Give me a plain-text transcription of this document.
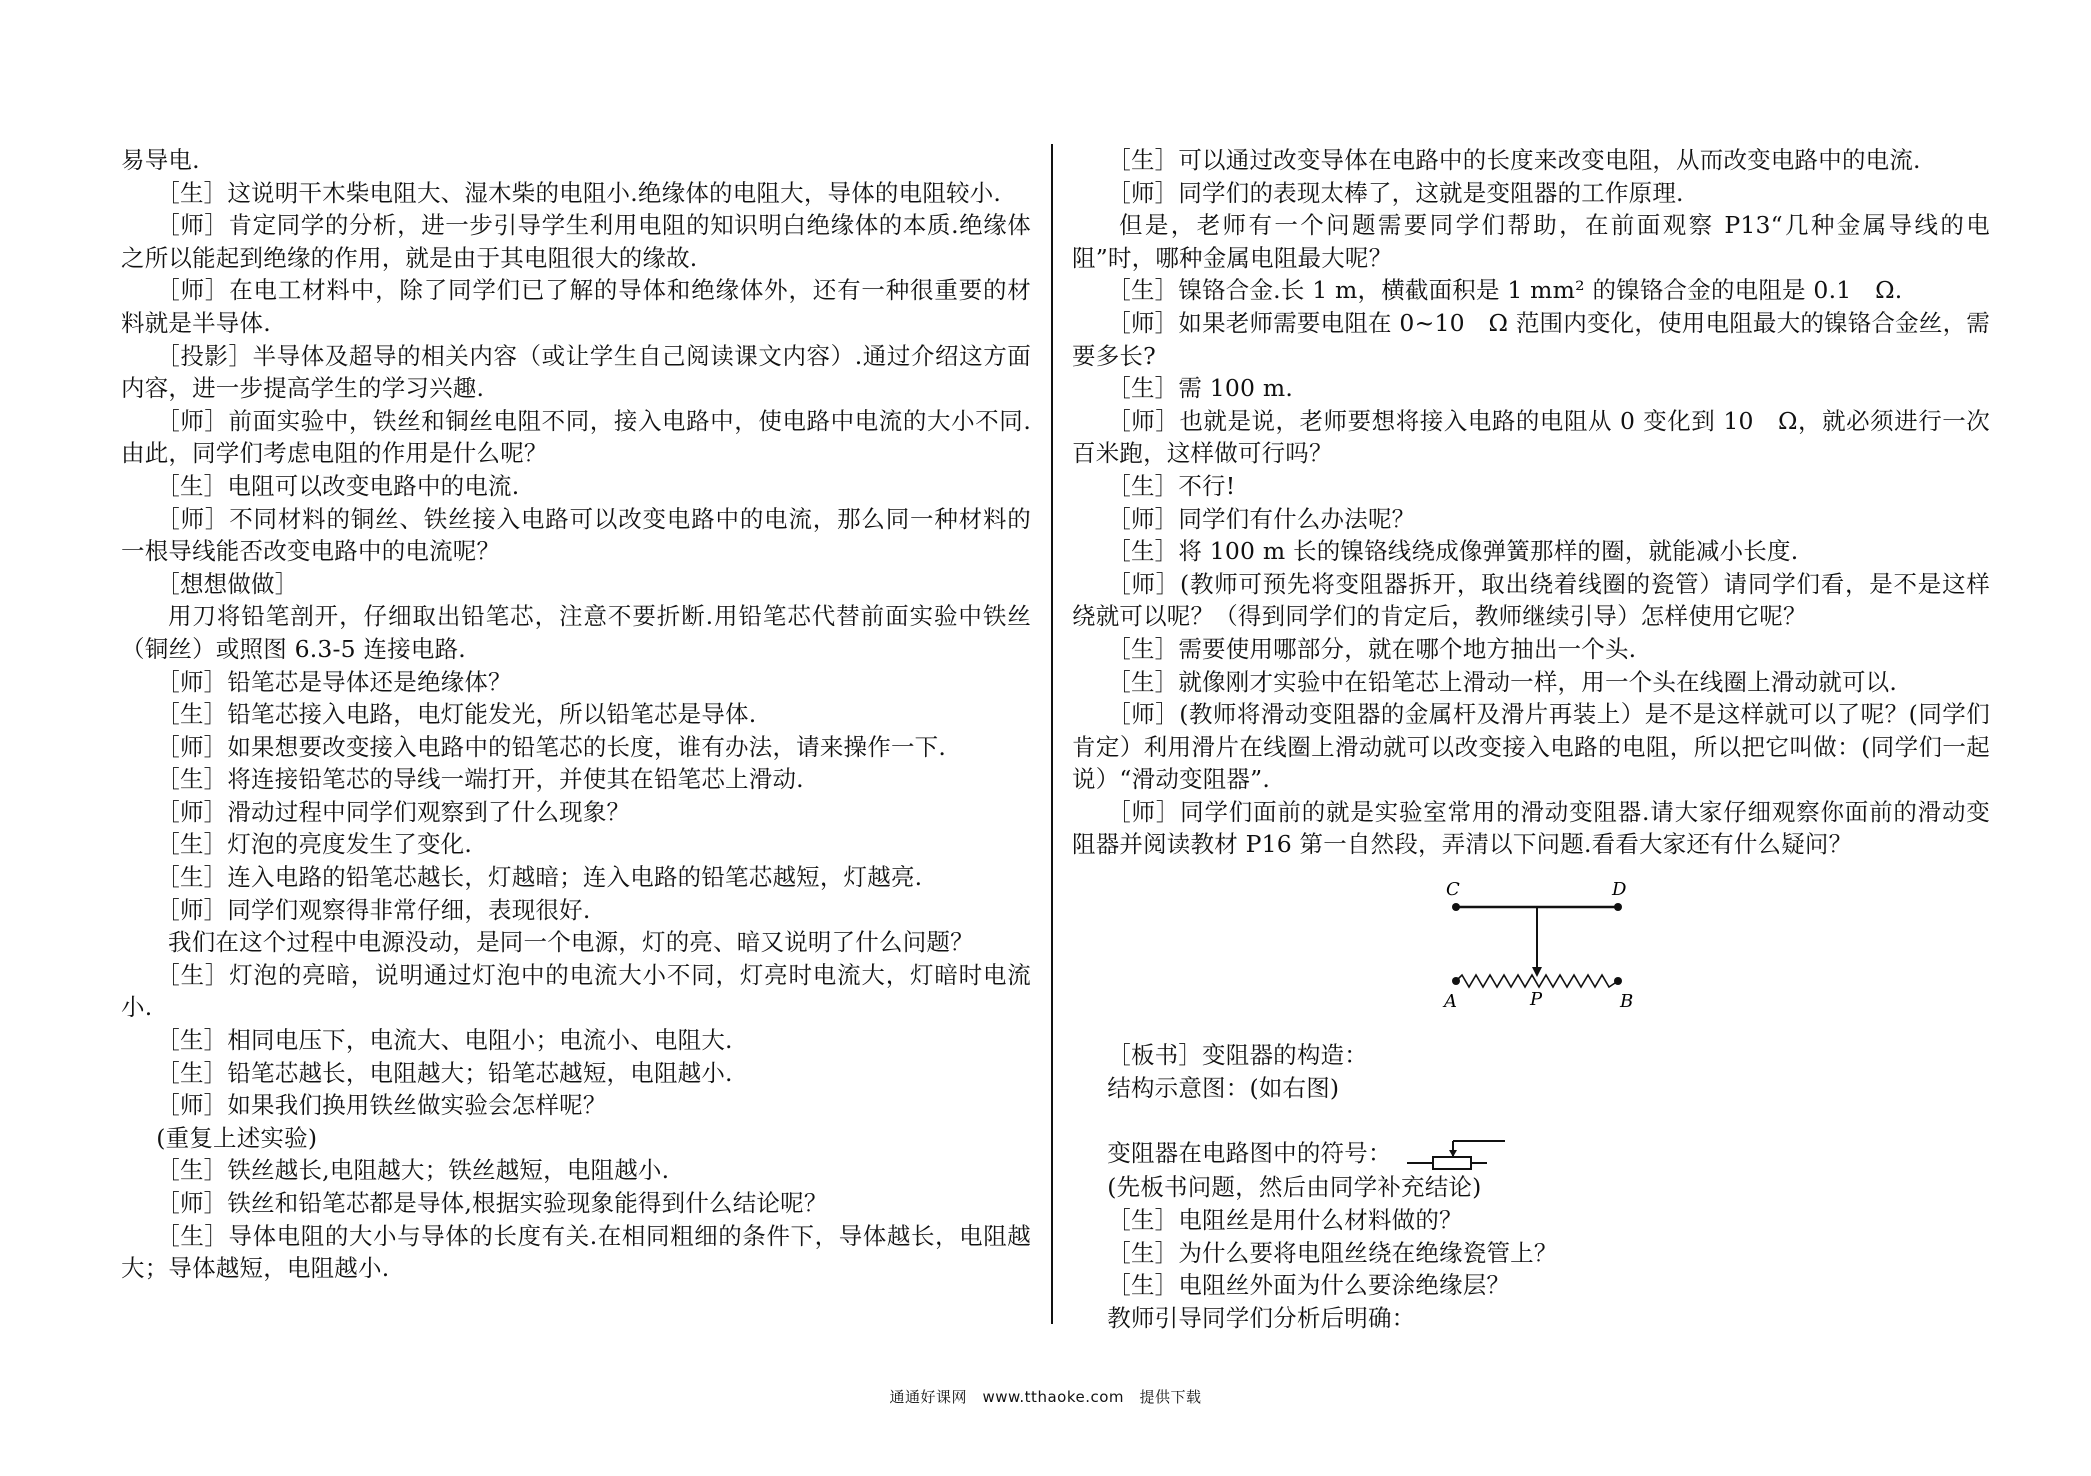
易导电.

［生］这说明干木柴电阻大、湿木柴的电阻小.绝缘体的电阻大，导体的电阻较小.

［师］肯定同学的分析，进一步引导学生利用电阻的知识明白绝缘体的本质.绝缘体之所以能起到绝缘的作用，就是由于其电阻很大的缘故.

［师］在电工材料中，除了同学们已了解的导体和绝缘体外，还有一种很重要的材料就是半导体.

［投影］半导体及超导的相关内容（或让学生自己阅读课文内容）.通过介绍这方面内容，进一步提高学生的学习兴趣.

［师］前面实验中，铁丝和铜丝电阻不同，接入电路中，使电路中电流的大小不同.由此，同学们考虑电阻的作用是什么呢？

［生］电阻可以改变电路中的电流.

［师］不同材料的铜丝、铁丝接入电路可以改变电路中的电流，那么同一种材料的一根导线能否改变电路中的电流呢？

［想想做做］

用刀将铅笔剖开，仔细取出铅笔芯，注意不要折断.用铅笔芯代替前面实验中铁丝（铜丝）或照图 6.3-5 连接电路.

［师］铅笔芯是导体还是绝缘体？

［生］铅笔芯接入电路，电灯能发光，所以铅笔芯是导体.

［师］如果想要改变接入电路中的铅笔芯的长度，谁有办法，请来操作一下.

［生］将连接铅笔芯的导线一端打开，并使其在铅笔芯上滑动.

［师］滑动过程中同学们观察到了什么现象？

［生］灯泡的亮度发生了变化.

［生］连入电路的铅笔芯越长，灯越暗；连入电路的铅笔芯越短，灯越亮.

［师］同学们观察得非常仔细，表现很好.

我们在这个过程中电源没动，是同一个电源，灯的亮、暗又说明了什么问题？

［生］灯泡的亮暗，说明通过灯泡中的电流大小不同，灯亮时电流大，灯暗时电流小.

［生］相同电压下，电流大、电阻小；电流小、电阻大.

［生］铅笔芯越长，电阻越大；铅笔芯越短，电阻越小.

［师］如果我们换用铁丝做实验会怎样呢？

(重复上述实验)

［生］铁丝越长,电阻越大；铁丝越短，电阻越小.

［师］铁丝和铅笔芯都是导体,根据实验现象能得到什么结论呢？

［生］导体电阻的大小与导体的长度有关.在相同粗细的条件下，导体越长，电阻越大；导体越短，电阻越小.

［生］可以通过改变导体在电路中的长度来改变电阻，从而改变电路中的电流.

［师］同学们的表现太棒了，这就是变阻器的工作原理.

但是，老师有一个问题需要同学们帮助，在前面观察 P13“几种金属导线的电阻”时，哪种金属电阻最大呢？

［生］镍铬合金.长 1 m，横截面积是 1 mm² 的镍铬合金的电阻是 0.1　Ω.

［师］如果老师需要电阻在 0~10　Ω 范围内变化，使用电阻最大的镍铬合金丝，需要多长?

［生］需 100 m.

［师］也就是说，老师要想将接入电路的电阻从 0 变化到 10　Ω，就必须进行一次百米跑，这样做可行吗？

［生］不行!

［师］同学们有什么办法呢？

［生］将 100 m 长的镍铬线绕成像弹簧那样的圈，就能减小长度.

［师］(教师可预先将变阻器拆开，取出绕着线圈的瓷管）请同学们看，是不是这样绕就可以呢？（得到同学们的肯定后，教师继续引导）怎样使用它呢？

［生］需要使用哪部分，就在哪个地方抽出一个头.

［生］就像刚才实验中在铅笔芯上滑动一样，用一个头在线圈上滑动就可以.

［师］(教师将滑动变阻器的金属杆及滑片再装上）是不是这样就可以了呢？(同学们肯定）利用滑片在线圈上滑动就可以改变接入电路的电阻，所以把它叫做：(同学们一起说）“滑动变阻器”.

［师］同学们面前的就是实验室常用的滑动变阻器.请大家仔细观察你面前的滑动变阻器并阅读教材 P16 第一自然段，弄清以下问题.看看大家还有什么疑问？

C	D
A	P	B

［板书］变阻器的构造：

结构示意图：(如右图)

变阻器在电路图中的符号：

(先板书问题，然后由同学补充结论)

［生］电阻丝是用什么材料做的？

［生］为什么要将电阻丝绕在绝缘瓷管上？

［生］电阻丝外面为什么要涂绝缘层？

教师引导同学们分析后明确：

通通好课网　www.tthaoke.com　提供下载
